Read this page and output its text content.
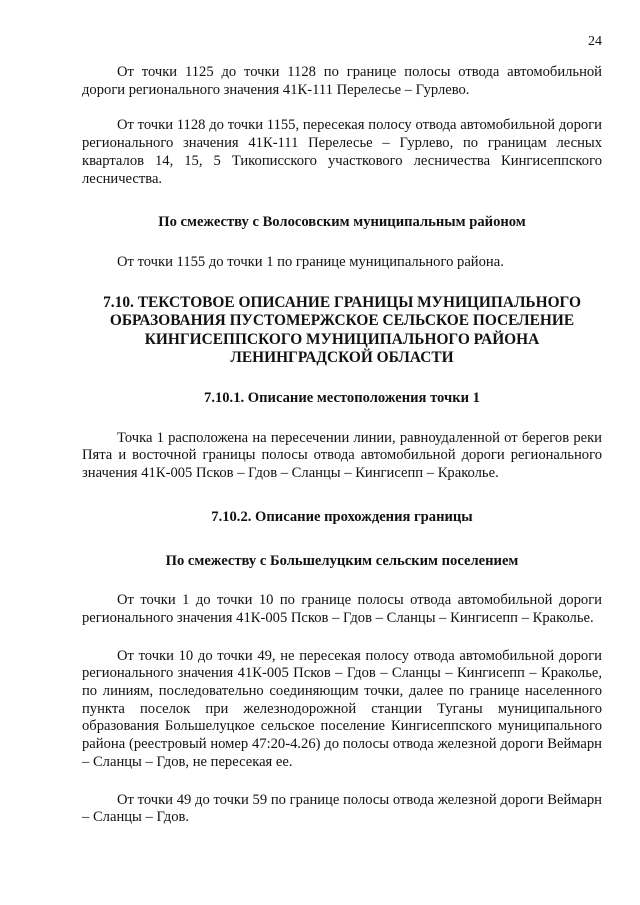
24

От точки 1125 до точки 1128 по границе полосы отвода автомобильной дороги регионального значения 41К-111 Перелесье – Гурлево.

От точки 1128 до точки 1155, пересекая полосу отвода автомобильной дороги регионального значения 41К-111 Перелесье – Гурлево, по границам лесных кварталов 14, 15, 5 Тикописского участкового лесничества Кингисеппского лесничества.

По смежеству с Волосовским муниципальным районом

От точки 1155 до точки 1 по границе муниципального района.

7.10. ТЕКСТОВОЕ ОПИСАНИЕ ГРАНИЦЫ МУНИЦИПАЛЬНОГО ОБРАЗОВАНИЯ ПУСТОМЕРЖСКОЕ СЕЛЬСКОЕ ПОСЕЛЕНИЕ КИНГИСЕППСКОГО МУНИЦИПАЛЬНОГО РАЙОНА ЛЕНИНГРАДСКОЙ ОБЛАСТИ
7.10.1. Описание местоположения точки 1

Точка 1 расположена на пересечении линии, равноудаленной от берегов реки Пята и восточной границы полосы отвода автомобильной дороги регионального значения 41К-005 Псков – Гдов – Сланцы – Кингисепп – Краколье.

7.10.2. Описание прохождения границы
По смежеству с Большелуцким сельским поселением

От точки 1 до точки 10 по границе полосы отвода автомобильной дороги регионального значения 41К-005 Псков – Гдов – Сланцы – Кингисепп – Краколье.

От точки 10 до точки 49, не пересекая полосу отвода автомобильной дороги регионального значения 41К-005 Псков – Гдов – Сланцы – Кингисепп – Краколье, по линиям, последовательно соединяющим точки, далее по границе населенного пункта поселок при железнодорожной станции Туганы муниципального образования Большелуцкое сельское поселение Кингисеппского муниципального района (реестровый номер 47:20-4.26) до полосы отвода железной дороги Веймарн – Сланцы – Гдов, не пересекая ее.

От точки 49 до точки 59 по границе полосы отвода железной дороги Веймарн – Сланцы – Гдов.
